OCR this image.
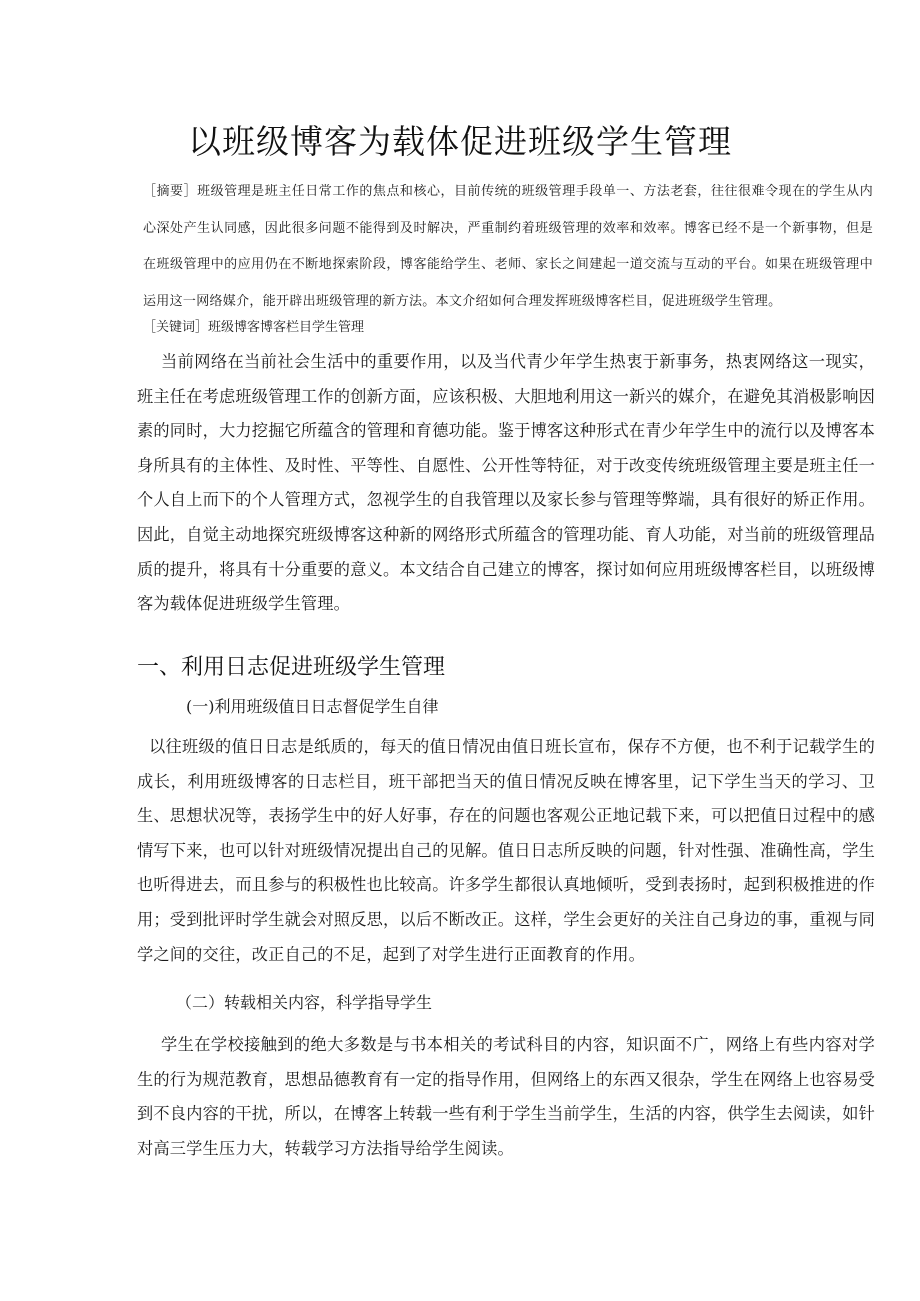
以班级博客为载体促进班级学生管理

［摘要］班级管理是班主任日常工作的焦点和核心，目前传统的班级管理手段单一、方法老套，往往很难令现在的学生从内心深处产生认同感，因此很多问题不能得到及时解决，严重制约着班级管理的效率和效率。博客已经不是一个新事物，但是在班级管理中的应用仍在不断地探索阶段，博客能给学生、老师、家长之间建起一道交流与互动的平台。如果在班级管理中运用这一网络媒介，能开辟出班级管理的新方法。本文介绍如何合理发挥班级博客栏目，促进班级学生管理。

［关键词］班级博客博客栏目学生管理

当前网络在当前社会生活中的重要作用，以及当代青少年学生热衷于新事务，热衷网络这一现实，班主任在考虑班级管理工作的创新方面，应该积极、大胆地利用这一新兴的媒介，在避免其消极影响因素的同时，大力挖掘它所蕴含的管理和育德功能。鉴于博客这种形式在青少年学生中的流行以及博客本身所具有的主体性、及时性、平等性、自愿性、公开性等特征，对于改变传统班级管理主要是班主任一个人自上而下的个人管理方式，忽视学生的自我管理以及家长参与管理等弊端，具有很好的矫正作用。因此，自觉主动地探究班级博客这种新的网络形式所蕴含的管理功能、育人功能，对当前的班级管理品质的提升，将具有十分重要的意义。本文结合自己建立的博客，探讨如何应用班级博客栏目，以班级博客为载体促进班级学生管理。

一、利用日志促进班级学生管理
(一)利用班级值日日志督促学生自律

以往班级的值日日志是纸质的，每天的值日情况由值日班长宣布，保存不方便，也不利于记载学生的成长，利用班级博客的日志栏目，班干部把当天的值日情况反映在博客里，记下学生当天的学习、卫生、思想状况等，表扬学生中的好人好事，存在的问题也客观公正地记载下来，可以把值日过程中的感情写下来，也可以针对班级情况提出自己的见解。值日日志所反映的问题，针对性强、准确性高，学生也听得进去，而且参与的积极性也比较高。许多学生都很认真地倾听，受到表扬时，起到积极推进的作用；受到批评时学生就会对照反思，以后不断改正。这样，学生会更好的关注自己身边的事，重视与同学之间的交往，改正自己的不足，起到了对学生进行正面教育的作用。

（二）转载相关内容，科学指导学生

学生在学校接触到的绝大多数是与书本相关的考试科目的内容，知识面不广，网络上有些内容对学生的行为规范教育，思想品德教育有一定的指导作用，但网络上的东西又很杂，学生在网络上也容易受到不良内容的干扰，所以，在博客上转载一些有利于学生当前学生，生活的内容，供学生去阅读，如针对高三学生压力大，转载学习方法指导给学生阅读。
